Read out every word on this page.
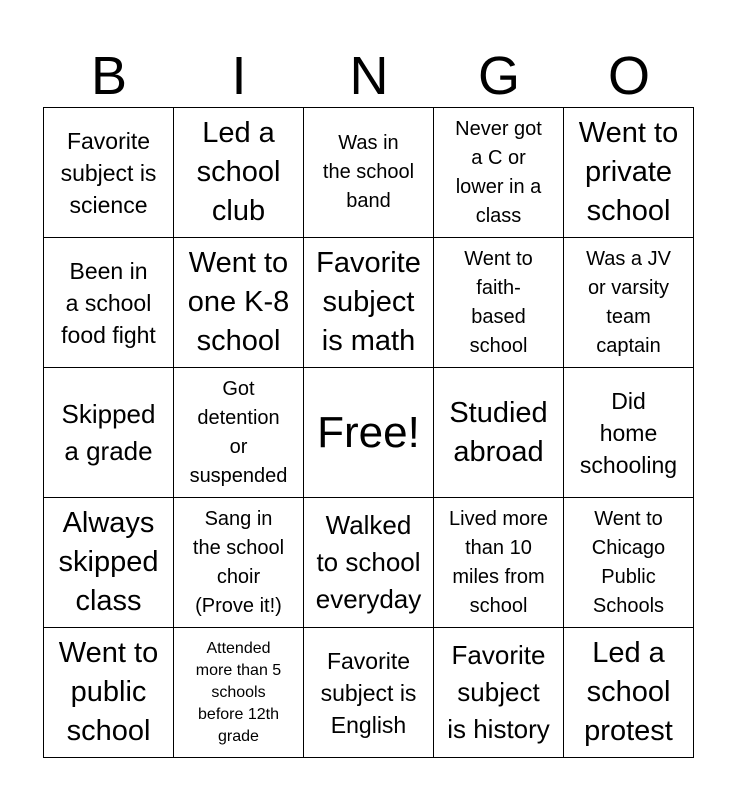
B	I	N	G	O
Favorite
subject is
science
Led a
school
club
Was in
the school
band
Never got
a C or
lower in a
class
Went to
private
school
Been in
a school
food fight
Went to
one K-8
school
Favorite
subject
is math
Went to
faith-
based
school
Was a JV
or varsity
team
captain
Skipped
a grade
Got
detention
or
suspended
Free! Studied
abroad
Did
home
schooling
Always
skipped
class
Sang in
the school
choir
(Prove it!)
Walked
to school
everyday
Lived more
than 10
miles from
school
Went to
Chicago
Public
Schools
Went to
public
school
Attended
more than 5
schools
before 12th
grade
Favorite
subject is
English
Favorite
subject
is history
Led a
school
protest
